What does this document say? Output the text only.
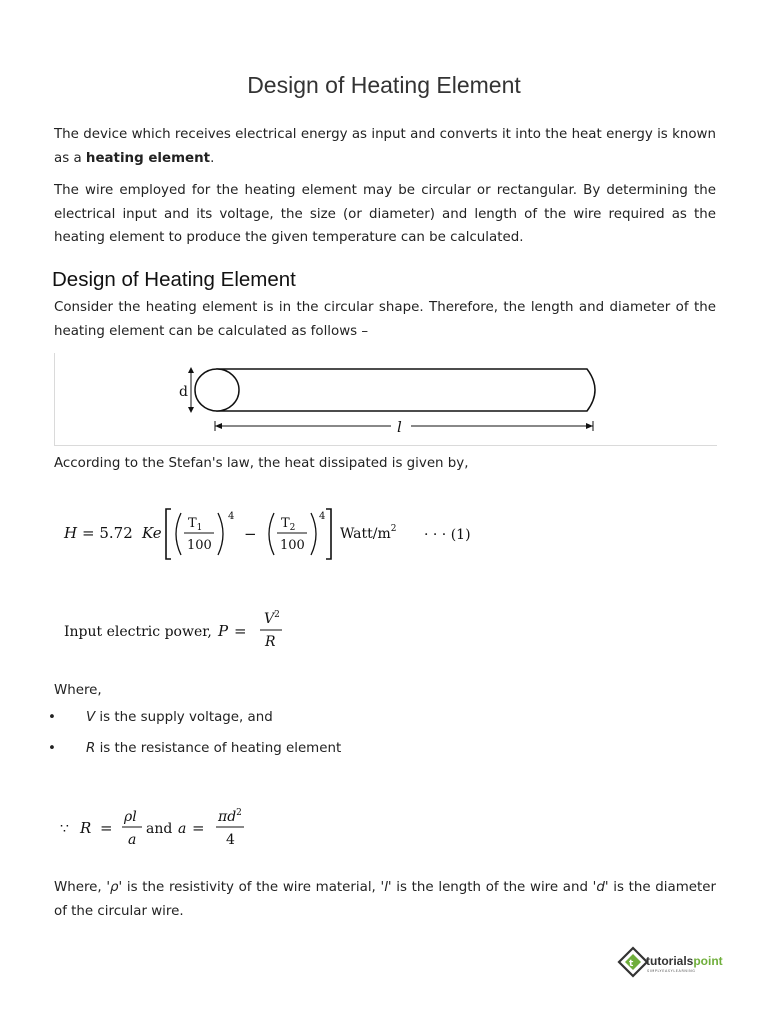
Design of Heating Element
The device which receives electrical energy as input and converts it into the heat energy is known as a heating element.
The wire employed for the heating element may be circular or rectangular. By determining the electrical input and its voltage, the size (or diameter) and length of the wire required as the heating element to produce the given temperature can be calculated.
Design of Heating Element
Consider the heating element is in the circular shape. Therefore, the length and diameter of the heating element can be calculated as follows –
d
l
According to the Stefan's law, the heat dissipated is given by,
H = 5.72 Ke
$T_1$
100
4
−
$T_2$
100
4
Watt/$m^2$ · · · (1)
Input electric power, P =
$V^2$
R
Where,
• V is the supply voltage, and
• R is the resistance of heating element
∵ R =
ρl
a
and a =
$\pi d^2$
4
Where, 'ρ' is the resistivity of the wire material, 'l' is the length of the wire and 'd' is the diameter of the circular wire.
t tutorialspoint
SIMPLYEASYLEARNING
